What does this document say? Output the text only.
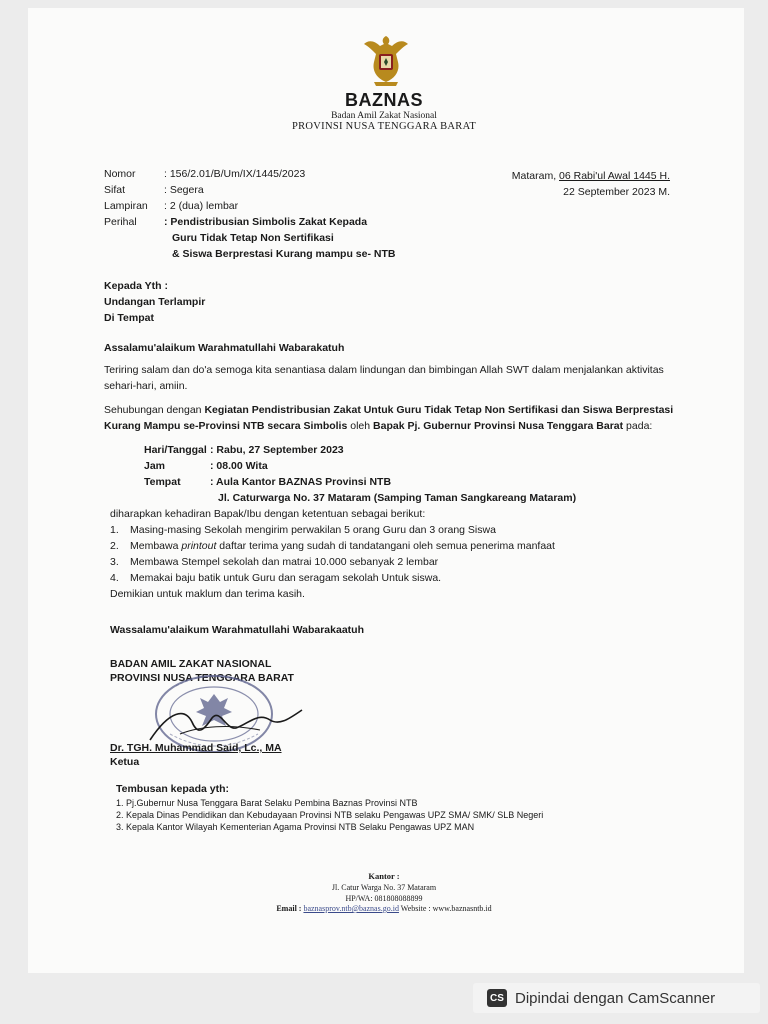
BAZNAS
Badan Amil Zakat Nasional
PROVINSI NUSA TENGGARA BARAT
Nomor	: 156/2.01/B/Um/IX/1445/2023
Sifat	: Segera
Lampiran : 2 (dua) lembar
Perihal	: Pendistribusian Simbolis Zakat Kepada
Guru Tidak Tetap Non Sertifikasi
& Siswa Berprestasi Kurang mampu se- NTB
Mataram, 06 Rabi'ul Awal 1445 H.
22 September 2023 M.
Kepada Yth :
Undangan Terlampir
Di Tempat
Assalamu'alaikum Warahmatullahi Wabarakatuh
Teriring salam dan do'a semoga kita senantiasa dalam lindungan dan bimbingan Allah SWT dalam menjalankan aktivitas
sehari-hari, amiin.
Sehubungan dengan Kegiatan Pendistribusian Zakat Untuk Guru Tidak Tetap Non Sertifikasi dan Siswa Berprestasi
Kurang Mampu se-Provinsi NTB secara Simbolis oleh Bapak Pj. Gubernur Provinsi Nusa Tenggara Barat pada:
Hari/Tanggal : Rabu, 27 September 2023
Jam	: 08.00 Wita
Tempat	: Aula Kantor BAZNAS Provinsi NTB
Jl. Caturwarga No. 37 Mataram (Samping Taman Sangkareang Mataram)
diharapkan kehadiran Bapak/Ibu dengan ketentuan sebagai berikut:
1. Masing-masing Sekolah mengirim perwakilan 5 orang Guru dan 3 orang Siswa
2. Membawa printout daftar terima yang sudah di tandatangani oleh semua penerima manfaat
3. Membawa Stempel sekolah dan matrai 10.000 sebanyak 2 lembar
4. Memakai baju batik untuk Guru dan seragam sekolah Untuk siswa.
Demikian untuk maklum dan terima kasih.
Wassalamu'alaikum Warahmatullahi Wabarakaatuh
BADAN AMIL ZAKAT NASIONAL
PROVINSI NUSA TENGGARA BARAT
Dr. TGH. Muhammad Said, Lc., MA
Ketua
Tembusan kepada yth:
1. Pj.Gubernur Nusa Tenggara Barat Selaku Pembina Baznas Provinsi NTB
2. Kepala Dinas Pendidikan dan Kebudayaan Provinsi NTB selaku Pengawas UPZ SMA/ SMK/ SLB Negeri
3. Kepala Kantor Wilayah Kementerian Agama Provinsi NTB Selaku Pengawas UPZ MAN
Kantor :
Jl. Catur Warga No. 37 Mataram
HP/WA: 081808088899
Email : baznasprov.ntb@baznas.go.id Website : www.baznasntb.id
CS Dipindai dengan CamScanner
